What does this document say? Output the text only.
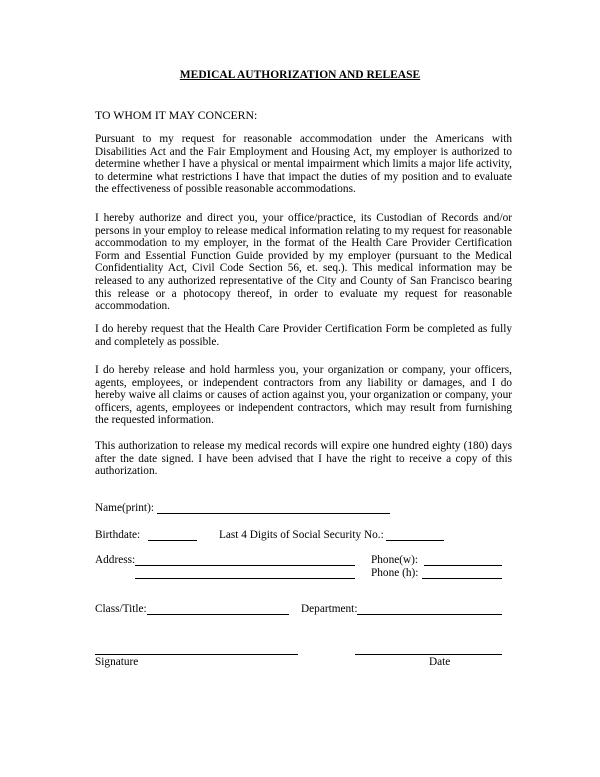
MEDICAL AUTHORIZATION AND RELEASE

TO WHOM IT MAY CONCERN:

Pursuant to my request for reasonable accommodation under the Americans with Disabilities Act and the Fair Employment and Housing Act, my employer is authorized to determine whether I have a physical or mental impairment which limits a major life activity, to determine what restrictions I have that impact the duties of my position and to evaluate the effectiveness of possible reasonable accommodations.

I hereby authorize and direct you, your office/practice, its Custodian of Records and/or persons in your employ to release medical information relating to my request for reasonable accommodation to my employer, in the format of the Health Care Provider Certification Form and Essential Function Guide provided by my employer (pursuant to the Medical Confidentiality Act, Civil Code Section 56, et. seq.). This medical information may be released to any authorized representative of the City and County of San Francisco bearing this release or a photocopy thereof, in order to evaluate my request for reasonable accommodation.

I do hereby request that the Health Care Provider Certification Form be completed as fully and completely as possible.

I do hereby release and hold harmless you, your organization or company, your officers, agents, employees, or independent contractors from any liability or damages, and I do hereby waive all claims or causes of action against you, your organization or company, your officers, agents, employees or independent contractors, which may result from furnishing the requested information.

This authorization to release my medical records will expire one hundred eighty (180) days after the date signed. I have been advised that I have the right to receive a copy of this authorization.

Name(print):
Birthdate:	Last 4 Digits of Social Security No.:
Address:	Phone(w):
Phone (h):
Class/Title:	Department:
Signature	Date
